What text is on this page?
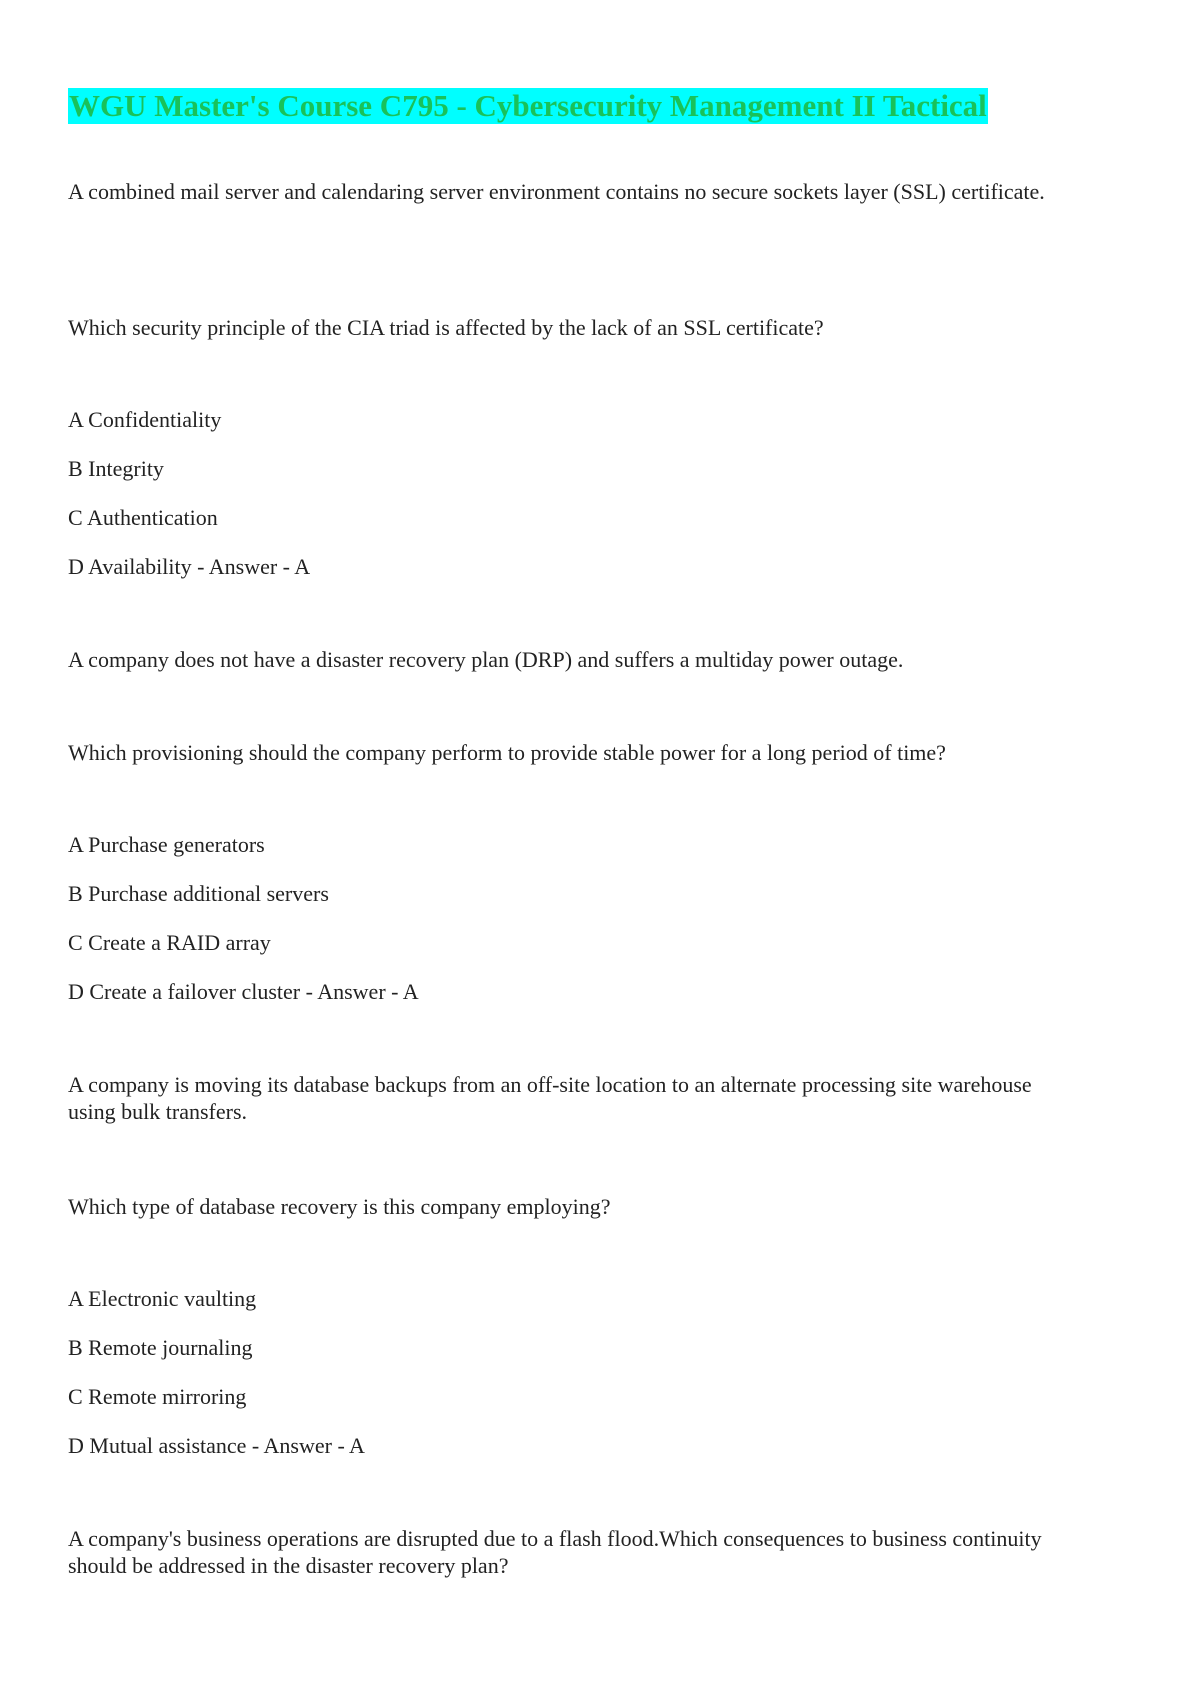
WGU Master's Course C795 - Cybersecurity Management II Tactical

A combined mail server and calendaring server environment contains no secure sockets layer (SSL) certificate.

Which security principle of the CIA triad is affected by the lack of an SSL certificate?

A Confidentiality

B Integrity

C Authentication

D Availability - Answer - A

A company does not have a disaster recovery plan (DRP) and suffers a multiday power outage.

Which provisioning should the company perform to provide stable power for a long period of time?

A Purchase generators

B Purchase additional servers

C Create a RAID array

D Create a failover cluster - Answer - A

A company is moving its database backups from an off-site location to an alternate processing site warehouse using bulk transfers.

Which type of database recovery is this company employing?

A Electronic vaulting

B Remote journaling

C Remote mirroring

D Mutual assistance - Answer - A

A company's business operations are disrupted due to a flash flood.Which consequences to business continuity should be addressed in the disaster recovery plan?
